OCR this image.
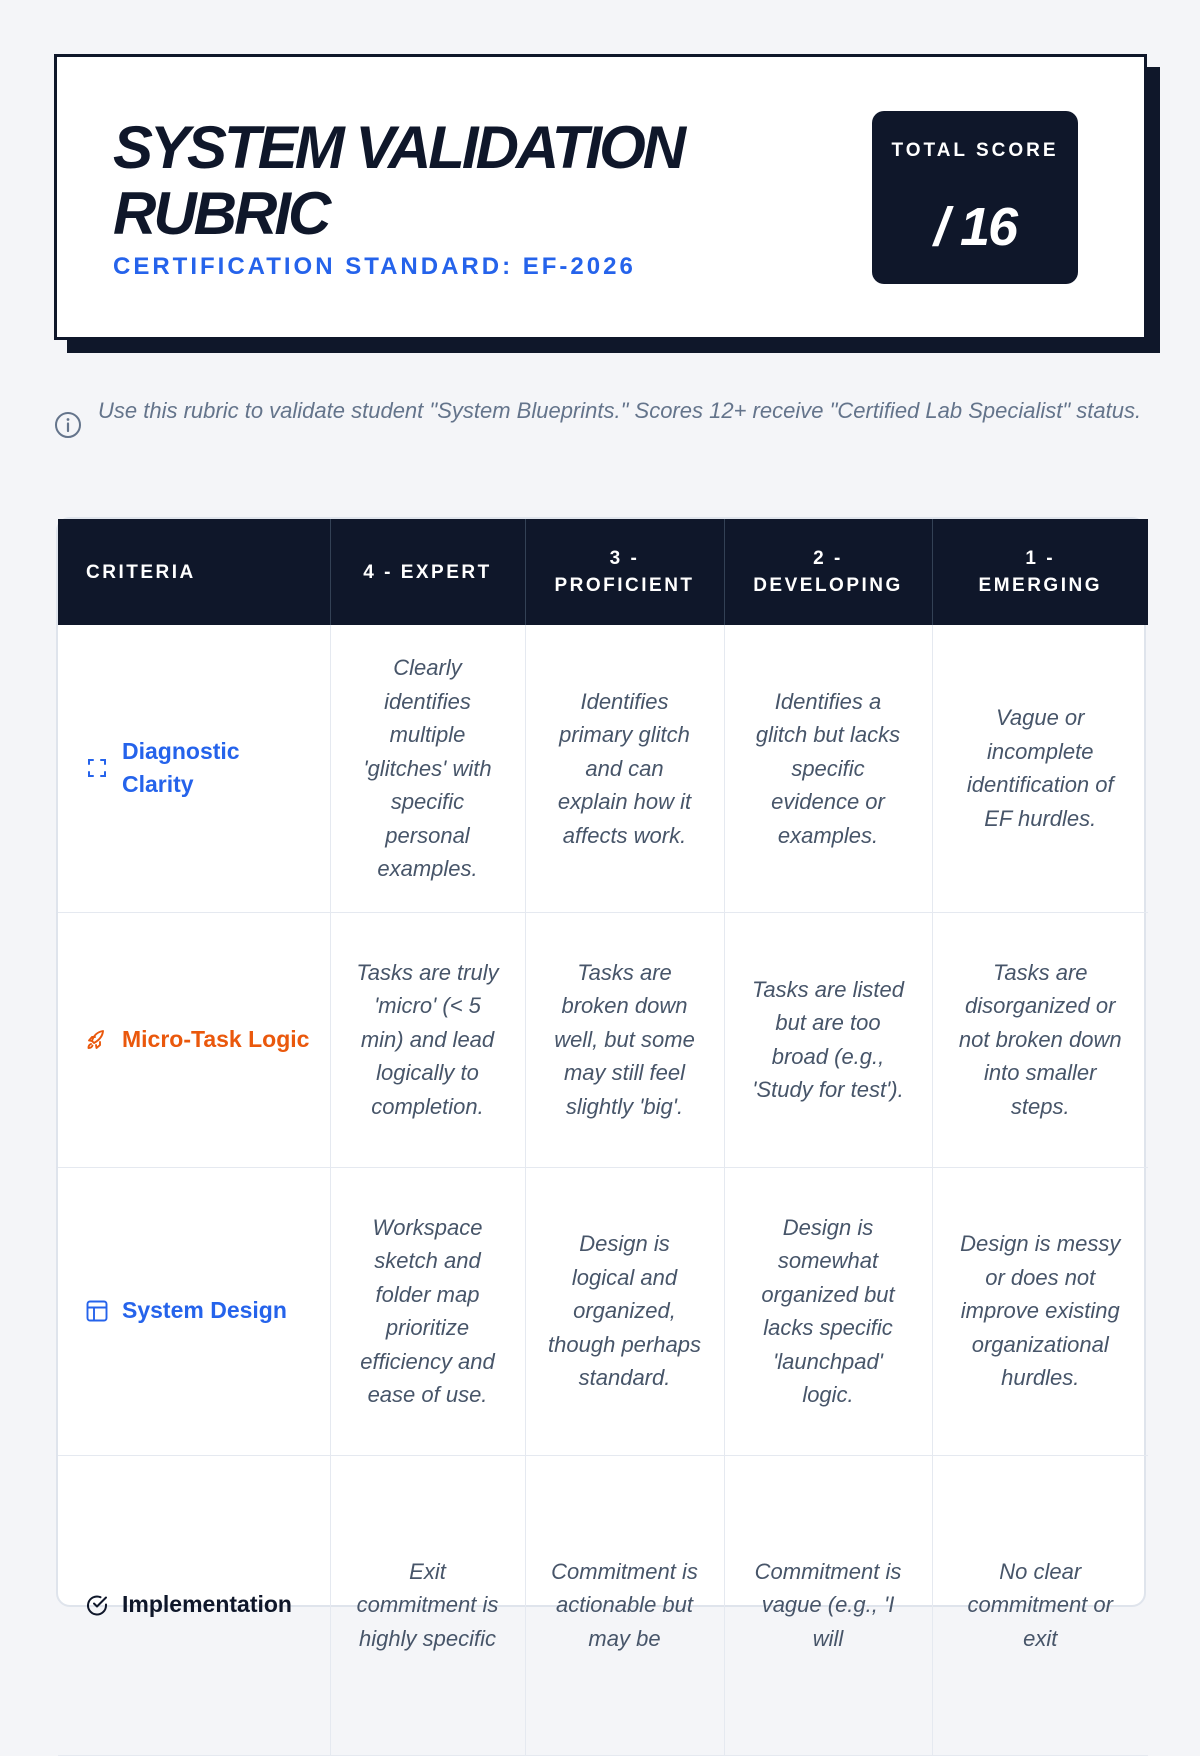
SYSTEM VALIDATION RUBRIC
CERTIFICATION STANDARD: EF-2026
TOTAL SCORE
/ 16
Use this rubric to validate student "System Blueprints." Scores 12+ receive "Certified Lab Specialist" status.
CRITERIA	4 - EXPERT	3 - PROFICIENT	2 - DEVELOPING	1 - EMERGING

Diagnostic Clarity	Clearly identifies multiple 'glitches' with specific personal examples.	Identifies primary glitch and can explain how it affects work.	Identifies a glitch but lacks specific evidence or examples.	Vague or incomplete identification of EF hurdles.

Micro-Task Logic	Tasks are truly 'micro' (< 5 min) and lead logically to completion.	Tasks are broken down well, but some may still feel slightly 'big'.	Tasks are listed but are too broad (e.g., 'Study for test').	Tasks are disorganized or not broken down into smaller steps.

System Design	Workspace sketch and folder map prioritize efficiency and ease of use.	Design is logical and organized, though perhaps standard.	Design is somewhat organized but lacks specific 'launchpad' logic.	Design is messy or does not improve existing organizational hurdles.

Implementation	Exit commitment is highly specific	Commitment is actionable but may be	Commitment is vague (e.g., 'I will	No clear commitment or exit
